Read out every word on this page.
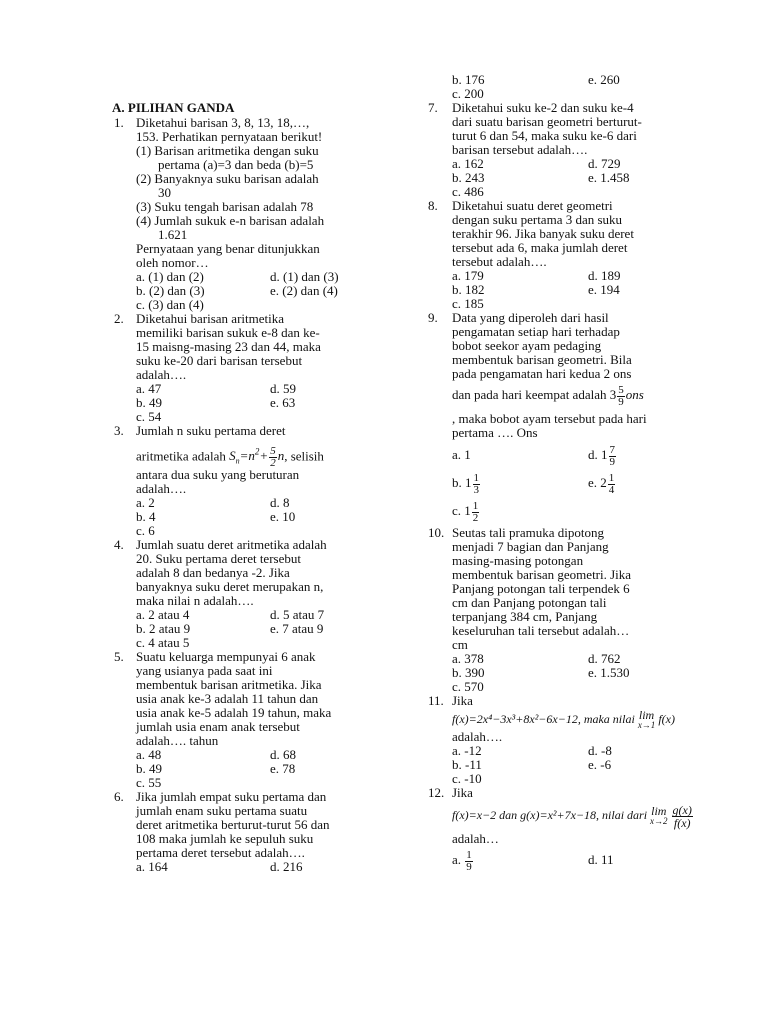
A. PILIHAN GANDA
1. Diketahui barisan 3, 8, 13, 18,…,
153. Perhatikan pernyataan berikut!
(1) Barisan aritmetika dengan suku
pertama (a)=3 dan beda (b)=5
(2) Banyaknya suku barisan adalah
30
(3) Suku tengah barisan adalah 78
(4) Jumlah sukuk e-n barisan adalah
1.621
Pernyataan yang benar ditunjukkan
oleh nomor…
a. (1) dan (2)	d. (1) dan (3)
b. (2) dan (3)	e. (2) dan (4)
c. (3) dan (4)
2. Diketahui barisan aritmetika
memiliki barisan sukuk e-8 dan ke-
15 maisng-masing 23 dan 44, maka
suku ke-20 dari barisan tersebut
adalah….
a. 47	d. 59
b. 49	e. 63
c. 54
3. Jumlah n suku pertama deret
aritmetika adalah $S_n=n^2+ \frac{5}{2} n$, selisih
antara dua suku yang beruturan
adalah….
a. 2	d. 8
b. 4	e. 10
c. 6
4. Jumlah suatu deret aritmetika adalah
20. Suku pertama deret tersebut
adalah 8 dan bedanya -2. Jika
banyaknya suku deret merupakan n,
maka nilai n adalah….
a. 2 atau 4	d. 5 atau 7
b. 2 atau 9	e. 7 atau 9
c. 4 atau 5
5. Suatu keluarga mempunyai 6 anak
yang usianya pada saat ini
membentuk barisan aritmetika. Jika
usia anak ke-3 adalah 11 tahun dan
usia anak ke-5 adalah 19 tahun, maka
jumlah usia enam anak tersebut
adalah…. tahun
a. 48	d. 68
b. 49	e. 78
c. 55
6. Jika jumlah empat suku pertama dan
jumlah enam suku pertama suatu
deret aritmetika berturut-turut 56 dan
108 maka jumlah ke sepuluh suku
pertama deret tersebut adalah….
a. 164	d. 216
b. 176	e. 260
c. 200
7. Diketahui suku ke-2 dan suku ke-4
dari suatu barisan geometri berturut-
turut 6 dan 54, maka suku ke-6 dari
barisan tersebut adalah….
a. 162	d. 729
b. 243	e. 1.458
c. 486
8. Diketahui suatu deret geometri
dengan suku pertama 3 dan suku
terakhir 96. Jika banyak suku deret
tersebut ada 6, maka jumlah deret
tersebut adalah….
a. 179	d. 189
b. 182	e. 194
c. 185
9. Data yang diperoleh dari hasil
pengamatan setiap hari terhadap
bobot seekor ayam pedaging
membentuk barisan geometri. Bila
pada pengamatan hari kedua 2 ons
dan pada hari keempat adalah $3 \frac{5}{9}$ ons
, maka bobot ayam tersebut pada hari
pertama …. Ons
a. 1	d. $1 \frac{7}{9}$
b. $1 \frac{1}{3}$	e. $2 \frac{1}{4}$
c. $1 \frac{1}{2}$
10. Seutas tali pramuka dipotong
menjadi 7 bagian dan Panjang
masing-masing potongan
membentuk barisan geometri. Jika
Panjang potongan tali terpendek 6
cm dan Panjang potongan tali
terpanjang 384 cm, Panjang
keseluruhan tali tersebut adalah…
cm
a. 378	d. 762
b. 390	e. 1.530
c. 570
11. Jika
f(x)=2x⁴−3x³+8x²−6x−12, maka nilai lim
x→1 f(x)
adalah….
a. -12	d. -8
b. -11	e. -6
c. -10
12. Jika
f(x)=x−2 dan g(x)=x²+7x−18, nilai dari lim
x→2
$\frac{g(x)}{f(x)}$
adalah…
a. $\frac{1}{9}$	d. 11
